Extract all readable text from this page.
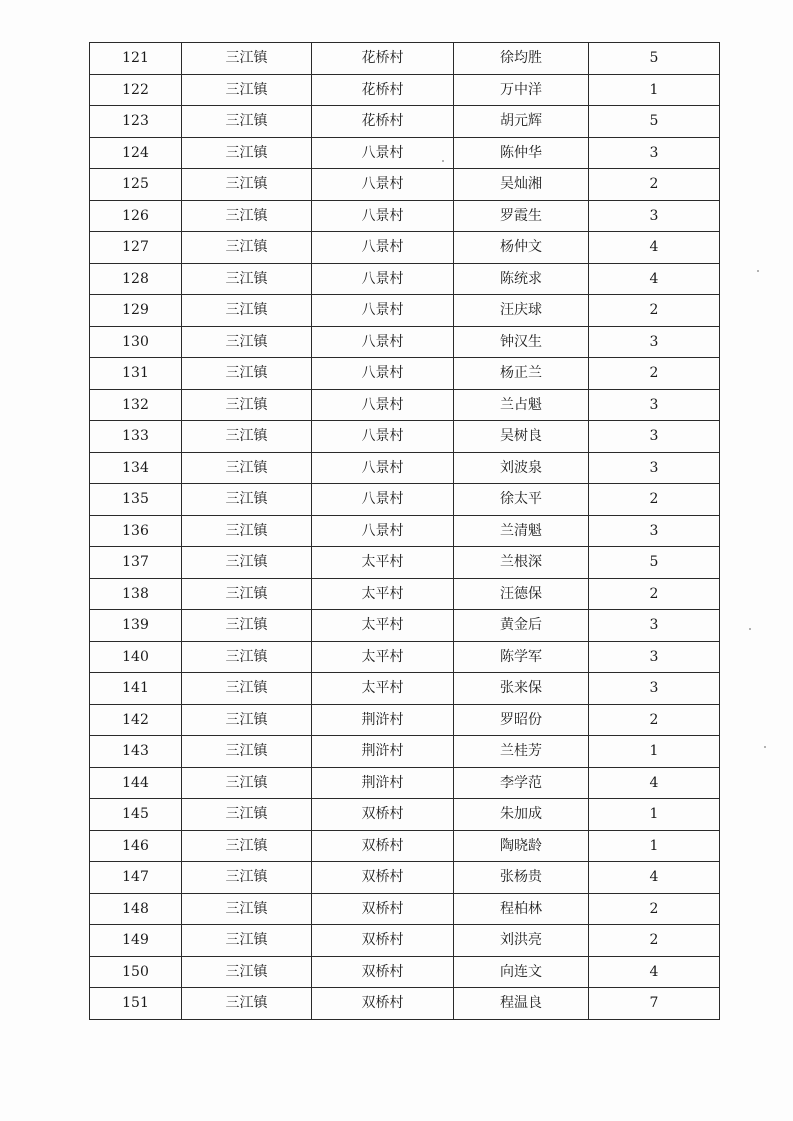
121	三江镇	花桥村	徐均胜	5
122	三江镇	花桥村	万中洋	1
123	三江镇	花桥村	胡元辉	5
124	三江镇	八景村	陈仲华	3
125	三江镇	八景村	吴灿湘	2
126	三江镇	八景村	罗霞生	3
127	三江镇	八景村	杨仲文	4
128	三江镇	八景村	陈统求	4
129	三江镇	八景村	汪庆球	2
130	三江镇	八景村	钟汉生	3
131	三江镇	八景村	杨正兰	2
132	三江镇	八景村	兰占魁	3
133	三江镇	八景村	吴树良	3
134	三江镇	八景村	刘波泉	3
135	三江镇	八景村	徐太平	2
136	三江镇	八景村	兰清魁	3
137	三江镇	太平村	兰根深	5
138	三江镇	太平村	汪德保	2
139	三江镇	太平村	黄金后	3
140	三江镇	太平村	陈学军	3
141	三江镇	太平村	张来保	3
142	三江镇	荆浒村	罗昭份	2
143	三江镇	荆浒村	兰桂芳	1
144	三江镇	荆浒村	李学范	4
145	三江镇	双桥村	朱加成	1
146	三江镇	双桥村	陶晓龄	1
147	三江镇	双桥村	张杨贵	4
148	三江镇	双桥村	程柏林	2
149	三江镇	双桥村	刘洪亮	2
150	三江镇	双桥村	向连文	4
151	三江镇	双桥村	程温良	7
